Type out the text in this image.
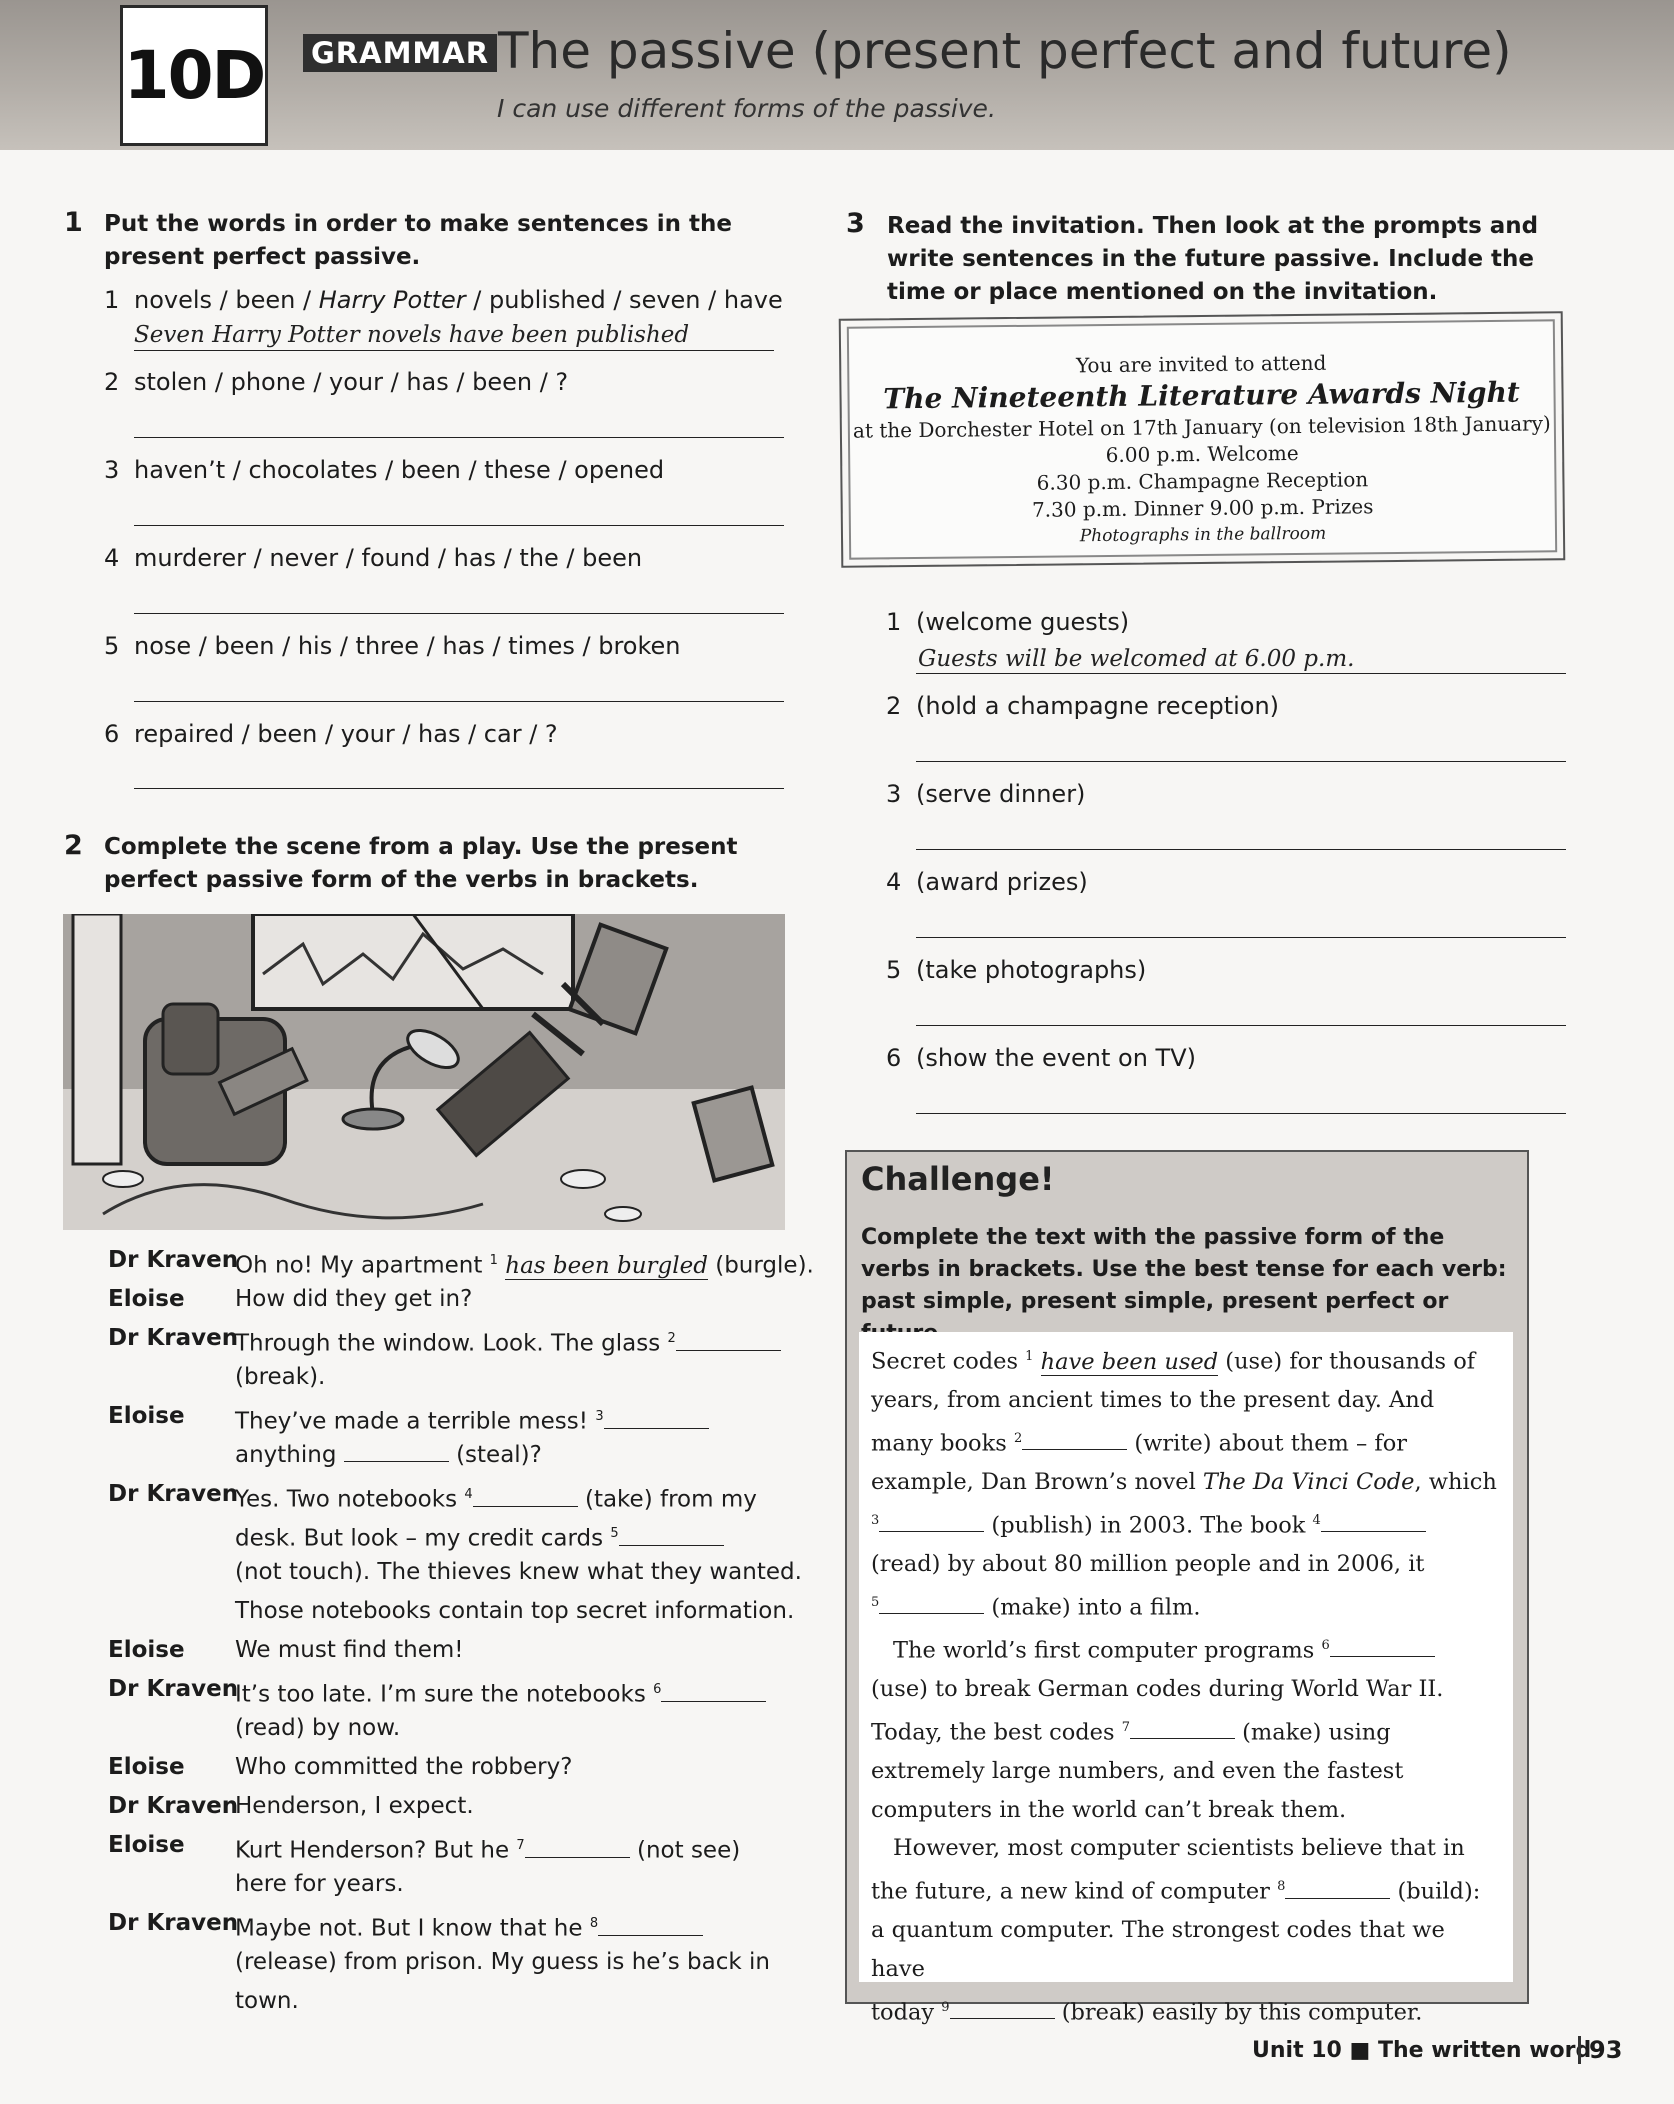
10D GRAMMAR The passive (present perfect and future)
I can use different forms of the passive.
1 Put the words in order to make sentences in the present perfect passive.
1 novels / been / Harry Potter / published / seven / have
Seven Harry Potter novels have been published
2 stolen / phone / your / has / been / ?
3 haven’t / chocolates / been / these / opened
4 murderer / never / found / has / the / been
5 nose / been / his / three / has / times / broken
6 repaired / been / your / has / car / ?
2 Complete the scene from a play. Use the present perfect passive form of the verbs in brackets.
Dr Kraven
Oh no! My apartment $^1$ has been burgled (burgle).
Eloise How did they get in?
Dr Kraven
Through the window. Look. The glass $^2$
(break).
Eloise They’ve made a terrible mess! $^3$
anything	(steal)?
Dr Kraven
Yes. Two notebooks $^4$	(take) from my
desk. But look – my credit cards $^5$
(not touch). The thieves knew what they wanted.
Those notebooks contain top secret information.
Eloise We must find them!
Dr Kraven
It’s too late. I’m sure the notebooks $^6$
(read) by now.
Eloise Who committed the robbery?
Dr Kraven
Henderson, I expect.
Eloise Kurt Henderson? But he $^7$	(not see)
here for years.
Dr Kraven
Maybe not. But I know that he $^8$
(release) from prison. My guess is he’s back in
town.
3 Read the invitation. Then look at the prompts and write sentences in the future passive. Include the time or place mentioned on the invitation.
You are invited to attend
The Nineteenth Literature Awards Night
at the Dorchester Hotel on 17th January (on television 18th January)
6.00 p.m. Welcome
6.30 p.m. Champagne Reception
7.30 p.m. Dinner 9.00 p.m. Prizes
Photographs in the ballroom
1 (welcome guests)
Guests will be welcomed at 6.00 p.m.
2 (hold a champagne reception)
3 (serve dinner)
4 (award prizes)
5 (take photographs)
6 (show the event on TV)
Challenge!
Complete the text with the passive form of the verbs in brackets. Use the best tense for each verb: past simple, present simple, present perfect or
Secret codes $^1$ have been used (use) for thousands of
years, from ancient times to the present day. And
many books $^2$	(write) about them – for
example, Dan Brown’s novel The Da Vinci Code, which
$^3$	(publish) in 2003. The book $^4$
(read) by about 80 million people and in 2006, it
$^5$	(make) into a film.
The world’s first computer programs $^6$
(use) to break German codes during World War II.
Today, the best codes $^7$	(make) using
extremely large numbers, and even the fastest
computers in the world can’t break them.
However, most computer scientists believe that in
the future, a new kind of computer $^8$	(build):
a quantum computer. The strongest codes that we have
today $^9$	(break) easily by this computer.
Unit 10 ■ The written word
93
